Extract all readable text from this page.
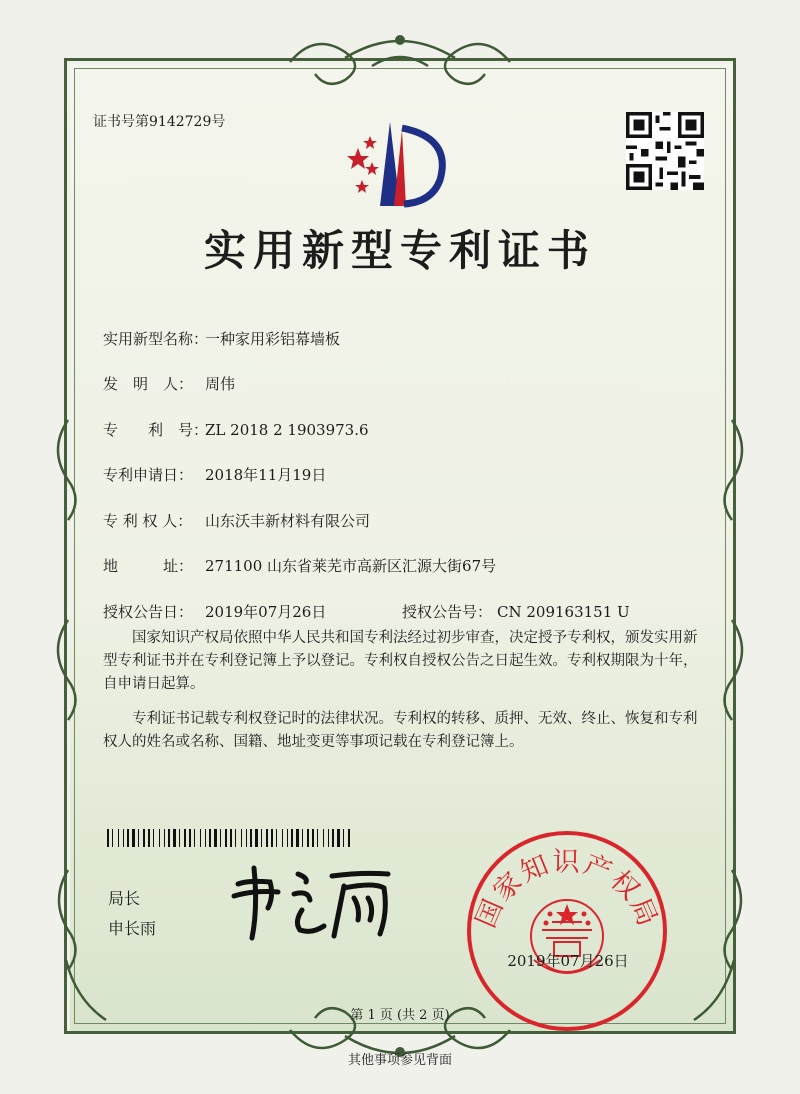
证书号第9142729号
实用新型专利证书
实用新型名称：
一种家用彩铝幕墙板
发　明　人： 周伟
专　　利　号：
ZL 2018 2 1903973.6
专利申请日： 2018年11月19日
专 利 权 人： 山东沃丰新材料有限公司
地　　　址： 271100 山东省莱芜市高新区汇源大街67号
授权公告日： 2019年07月26日	授权公告号： CN 209163151 U

国家知识产权局依照中华人民共和国专利法经过初步审查，决定授予专利权，颁发实用新型专利证书并在专利登记簿上予以登记。专利权自授权公告之日起生效。专利权期限为十年，自申请日起算。

专利证书记载专利权登记时的法律状况。专利权的转移、质押、无效、终止、恢复和专利权人的姓名或名称、国籍、地址变更等事项记载在专利登记簿上。

局长
申长雨	国家知识产权局
2019年07月26日
第 1 页 (共 2 页)
其他事项参见背面
